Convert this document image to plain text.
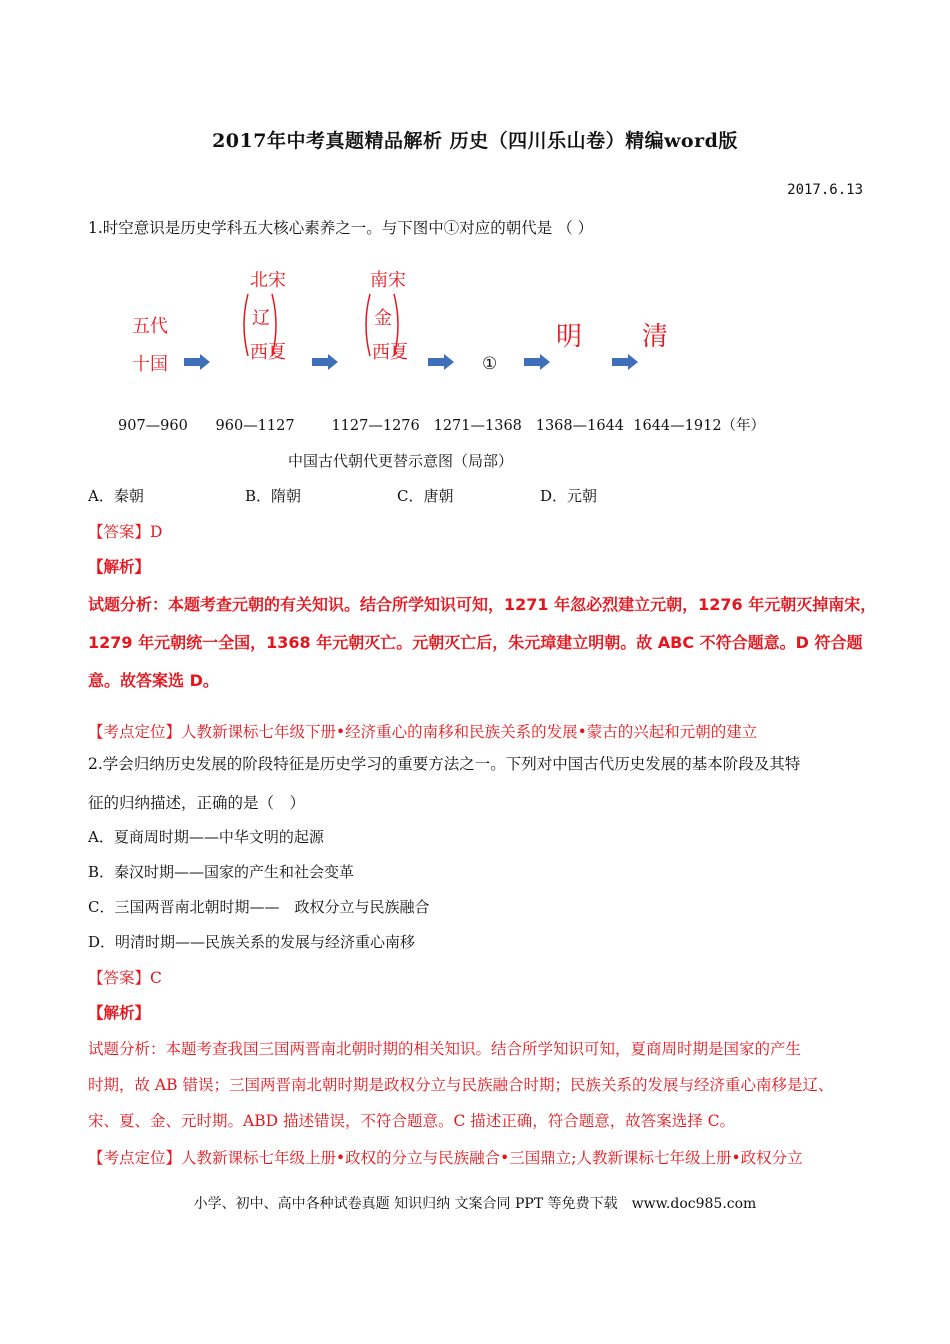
2017年中考真题精品解析 历史（四川乐山卷）精编word版
2017.6.13
1.时空意识是历史学科五大核心素养之一。与下图中①对应的朝代是 （ ）
五代
十国
北宋
辽
西夏
南宋
金
西夏
①
明 清
907—960      960—1127        1127—1276   1271—1368   1368—1644  1644—1912（年）
中国古代朝代更替示意图（局部）
A．秦朝	B．隋朝	C．唐朝	D．元朝
【答案】D
【解析】
试题分析：本题考查元朝的有关知识。结合所学知识可知，1271 年忽必烈建立元朝，1276 年元朝灭掉南宋，
1279 年元朝统一全国，1368 年元朝灭亡。元朝灭亡后，朱元璋建立明朝。故 ABC 不符合题意。D 符合题
意。故答案选 D。
【考点定位】人教新课标七年级下册•经济重心的南移和民族关系的发展•蒙古的兴起和元朝的建立
2.学会归纳历史发展的阶段特征是历史学习的重要方法之一。下列对中国古代历史发展的基本阶段及其特
征的归纳描述，正确的是（　）
A．夏商周时期——中华文明的起源
B．秦汉时期——国家的产生和社会变革
C．三国两晋南北朝时期——　政权分立与民族融合
D．明清时期——民族关系的发展与经济重心南移
【答案】C
【解析】
试题分析：本题考查我国三国两晋南北朝时期的相关知识。结合所学知识可知，夏商周时期是国家的产生
时期，故 AB 错误；三国两晋南北朝时期是政权分立与民族融合时期；民族关系的发展与经济重心南移是辽、
宋、夏、金、元时期。ABD 描述错误，不符合题意。C 描述正确，符合题意，故答案选择 C。
【考点定位】人教新课标七年级上册•政权的分立与民族融合•三国鼎立;人教新课标七年级上册•政权分立
小学、初中、高中各种试卷真题 知识归纳 文案合同 PPT 等免费下载　www.doc985.com
